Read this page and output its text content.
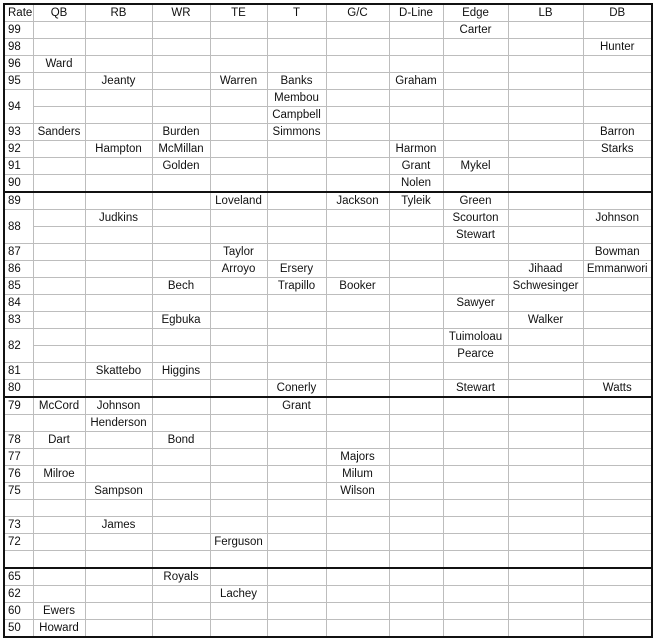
Rate	QB	RB	WR	TE	T	G/C	D-Line	Edge	LB	DB
99								Carter		
98										Hunter
96	Ward									
95		Jeanty		Warren	Banks		Graham			
94					Membou					
					Campbell					
93	Sanders		Burden		Simmons					Barron
92		Hampton	McMillan				Harmon			Starks
91			Golden				Grant	Mykel		
90							Nolen			
89				Loveland		Jackson	Tyleik	Green		
88		Judkins						Scourton		Johnson
								Stewart		
87				Taylor						Bowman
86				Arroyo	Ersery				Jihaad	Emmanwori
85			Bech		Trapillo	Booker			Schwesinger	
84								Sawyer		
83			Egbuka						Walker	
82								Tuimoloau		
								Pearce		
81		Skattebo	Higgins							
80					Conerly			Stewart		Watts
79	McCord	Johnson			Grant					
		Henderson								
78	Dart		Bond							
77						Majors				
76	Milroe					Milum				
75		Sampson				Wilson				

73		James								
72				Ferguson						

65			Royals							
62				Lachey						
60	Ewers									
50	Howard									
